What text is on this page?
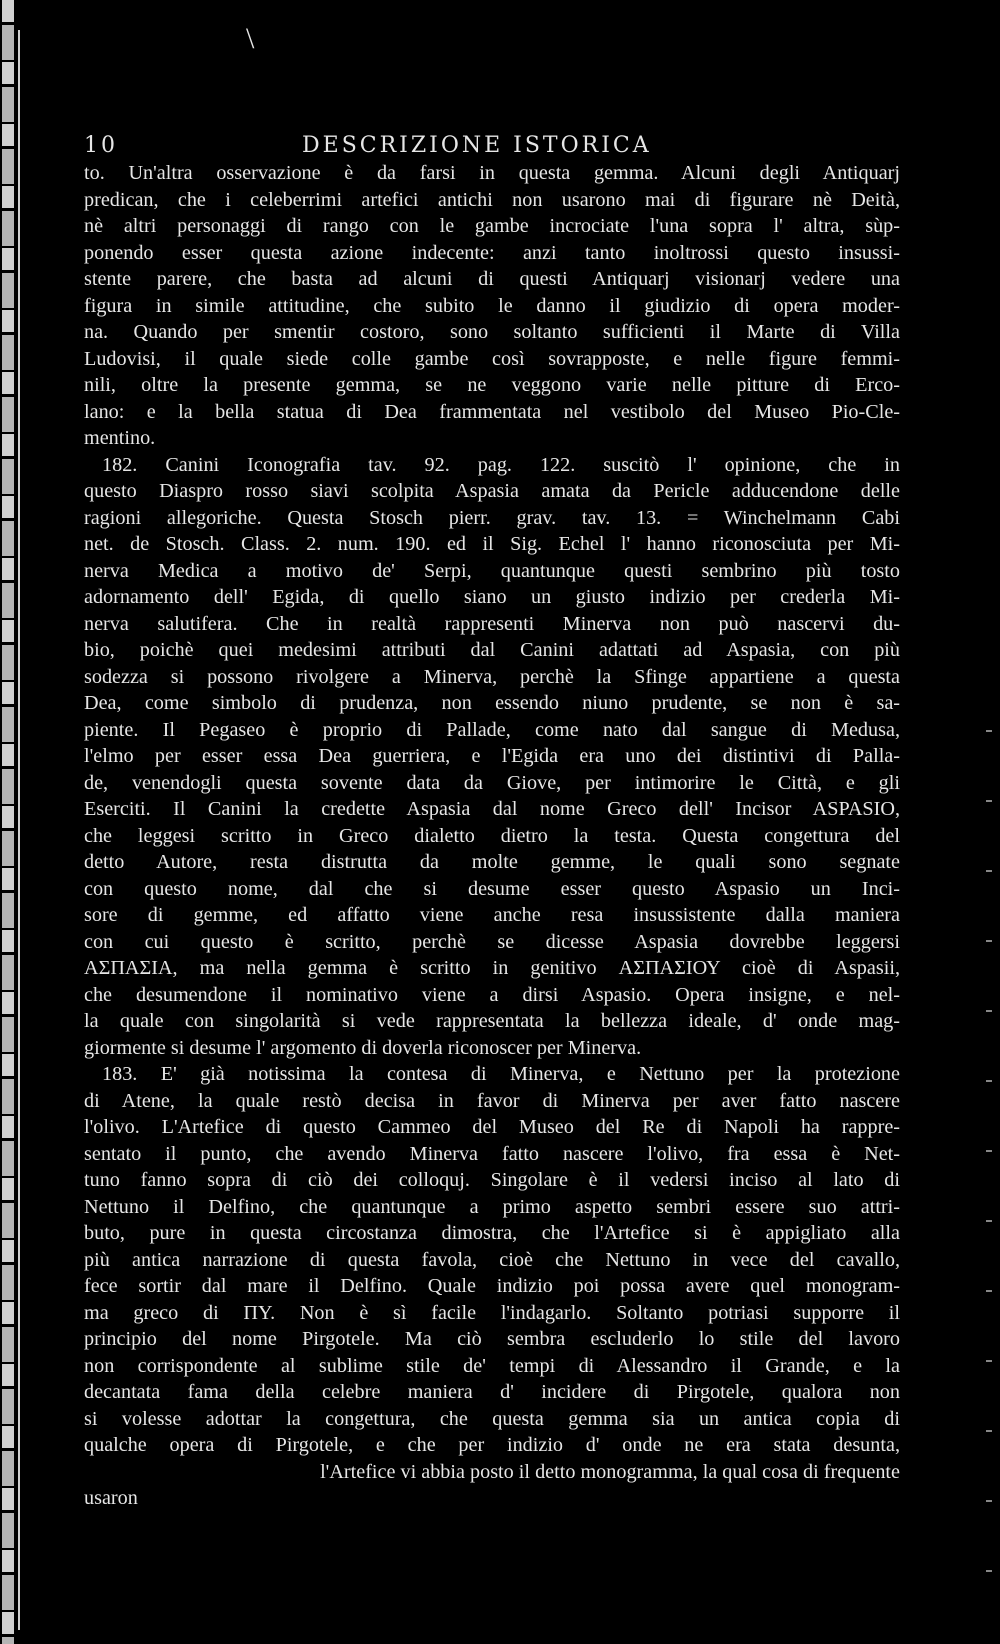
\
10	DESCRIZIONE ISTORICA
to. Un'altra osservazione è da farsi in questa gemma. Alcuni degli Antiquarj
predican, che i celeberrimi artefici antichi non usarono mai di figurare nè Deità,
nè altri personaggi di rango con le gambe incrociate l'una sopra l' altra, sùp-
ponendo esser questa azione indecente: anzi tanto inoltrossi questo insussi-
stente parere, che basta ad alcuni di questi Antiquarj visionarj vedere una
figura in simile attitudine, che subito le danno il giudizio di opera moder-
na. Quando per smentir costoro, sono soltanto sufficienti il Marte di Villa
Ludovisi, il quale siede colle gambe così sovrapposte, e nelle figure femmi-
nili, oltre la presente gemma, se ne veggono varie nelle pitture di Erco-
lano: e la bella statua di Dea frammentata nel vestibolo del Museo Pio-Cle-
mentino.
182. Canini Iconografia tav. 92. pag. 122. suscitò l' opinione, che in
questo Diaspro rosso siavi scolpita Aspasia amata da Pericle adducendone delle
ragioni allegoriche. Questa Stosch pierr. grav. tav. 13. = Winchelmann Cabi
net. de Stosch. Class. 2. num. 190. ed il Sig. Echel l' hanno riconosciuta per Mi-
nerva Medica a motivo de' Serpi, quantunque questi sembrino più tosto
adornamento dell' Egida, di quello siano un giusto indizio per crederla Mi-
nerva salutifera. Che in realtà rappresenti Minerva non può nascervi du-
bio, poichè quei medesimi attributi dal Canini adattati ad Aspasia, con più
sodezza si possono rivolgere a Minerva, perchè la Sfinge appartiene a questa
Dea, come simbolo di prudenza, non essendo niuno prudente, se non è sa-
piente. Il Pegaseo è proprio di Pallade, come nato dal sangue di Medusa,
l'elmo per esser essa Dea guerriera, e l'Egida era uno dei distintivi di Palla-
de, venendogli questa sovente data da Giove, per intimorire le Città, e gli
Eserciti. Il Canini la credette Aspasia dal nome Greco dell' Incisor ASPASIO,
che leggesi scritto in Greco dialetto dietro la testa. Questa congettura del
detto Autore, resta distrutta da molte gemme, le quali sono segnate
con questo nome, dal che si desume esser questo Aspasio un Inci-
sore di gemme, ed affatto viene anche resa insussistente dalla maniera
con cui questo è scritto, perchè se dicesse Aspasia dovrebbe leggersi
ΑΣΠΑΣΙΑ, ma nella gemma è scritto in genitivo ΑΣΠΑΣΙΟΥ cioè di Aspasii,
che desumendone il nominativo viene a dirsi Aspasio. Opera insigne, e nel-
la quale con singolarità si vede rappresentata la bellezza ideale, d' onde mag-
giormente si desume l' argomento di doverla riconoscer per Minerva.
183. E' già notissima la contesa di Minerva, e Nettuno per la protezione
di Atene, la quale restò decisa in favor di Minerva per aver fatto nascere
l'olivo. L'Artefice di questo Cammeo del Museo del Re di Napoli ha rappre-
sentato il punto, che avendo Minerva fatto nascere l'olivo, fra essa è Net-
tuno fanno sopra di ciò dei colloquj. Singolare è il vedersi inciso al lato di
Nettuno il Delfino, che quantunque a primo aspetto sembri essere suo attri-
buto, pure in questa circostanza dimostra, che l'Artefice si è appigliato alla
più antica narrazione di questa favola, cioè che Nettuno in vece del cavallo,
fece sortir dal mare il Delfino. Quale indizio poi possa avere quel monogram-
ma greco di ΠΥ. Non è sì facile l'indagarlo. Soltanto potriasi supporre il
principio del nome Pirgotele. Ma ciò sembra escluderlo lo stile del lavoro
non corrispondente al sublime stile de' tempi di Alessandro il Grande, e la
decantata fama della celebre maniera d' incidere di Pirgotele, qualora non
si volesse adottar la congettura, che questa gemma sia un antica copia di
qualche opera di Pirgotele, e che per indizio d' onde ne era stata desunta,
l'Artefice vi abbia posto il detto monogramma, la qual cosa di frequente
usaron
